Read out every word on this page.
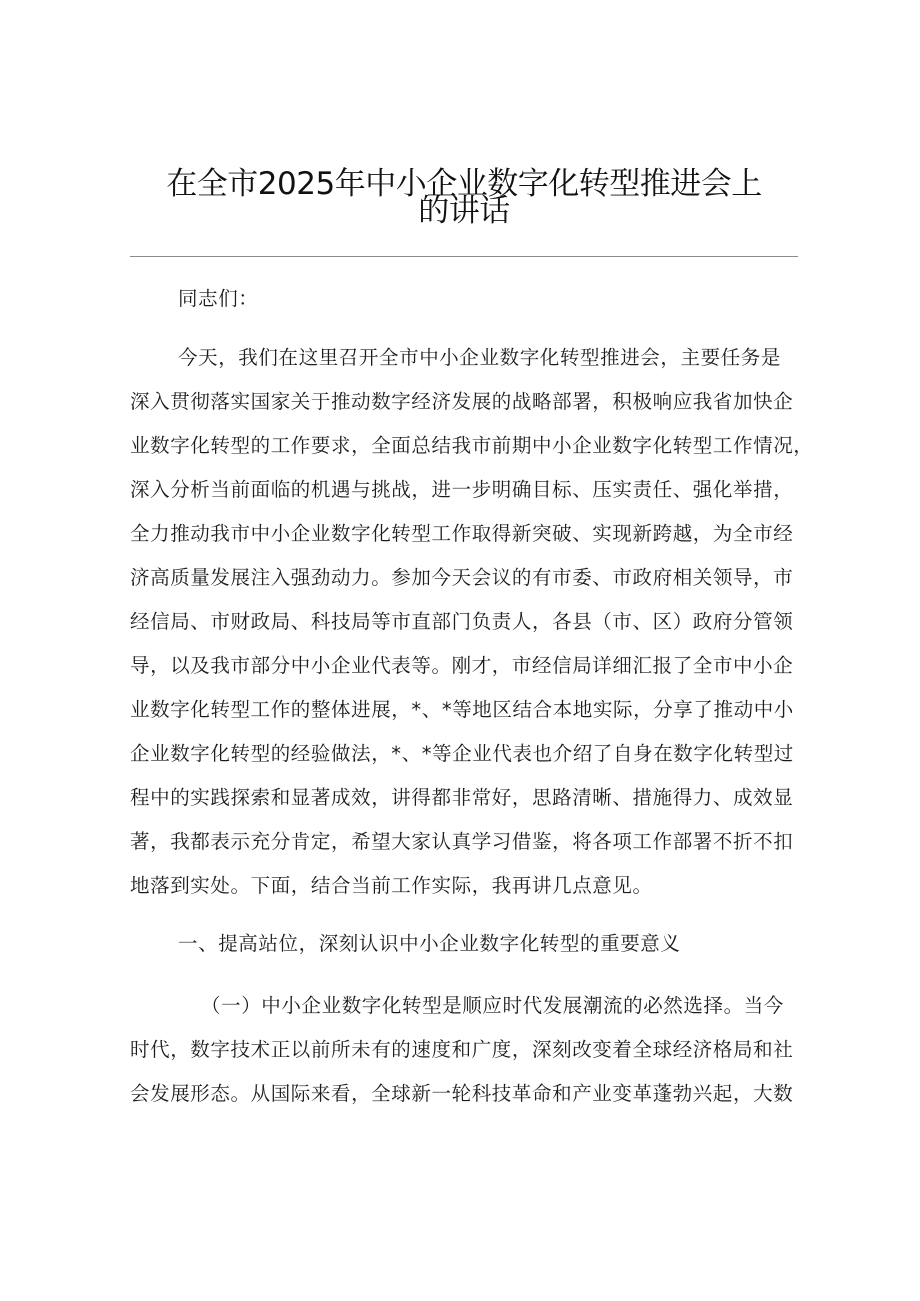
在全市2025年中小企业数字化转型推进会上
的讲话
同志们：
今天，我们在这里召开全市中小企业数字化转型推进会，主要任务是
深入贯彻落实国家关于推动数字经济发展的战略部署，积极响应我省加快企
业数字化转型的工作要求，全面总结我市前期中小企业数字化转型工作情况，
深入分析当前面临的机遇与挑战，进一步明确目标、压实责任、强化举措，
全力推动我市中小企业数字化转型工作取得新突破、实现新跨越，为全市经
济高质量发展注入强劲动力。参加今天会议的有市委、市政府相关领导，市
经信局、市财政局、科技局等市直部门负责人，各县（市、区）政府分管领
导，以及我市部分中小企业代表等。刚才，市经信局详细汇报了全市中小企
业数字化转型工作的整体进展，*、*等地区结合本地实际，分享了推动中小
企业数字化转型的经验做法，*、*等企业代表也介绍了自身在数字化转型过
程中的实践探索和显著成效，讲得都非常好，思路清晰、措施得力、成效显
著，我都表示充分肯定，希望大家认真学习借鉴，将各项工作部署不折不扣
地落到实处。下面，结合当前工作实际，我再讲几点意见。
一、提高站位，深刻认识中小企业数字化转型的重要意义
（一）中小企业数字化转型是顺应时代发展潮流的必然选择。当今
时代，数字技术正以前所未有的速度和广度，深刻改变着全球经济格局和社
会发展形态。从国际来看，全球新一轮科技革命和产业变革蓬勃兴起，大数
